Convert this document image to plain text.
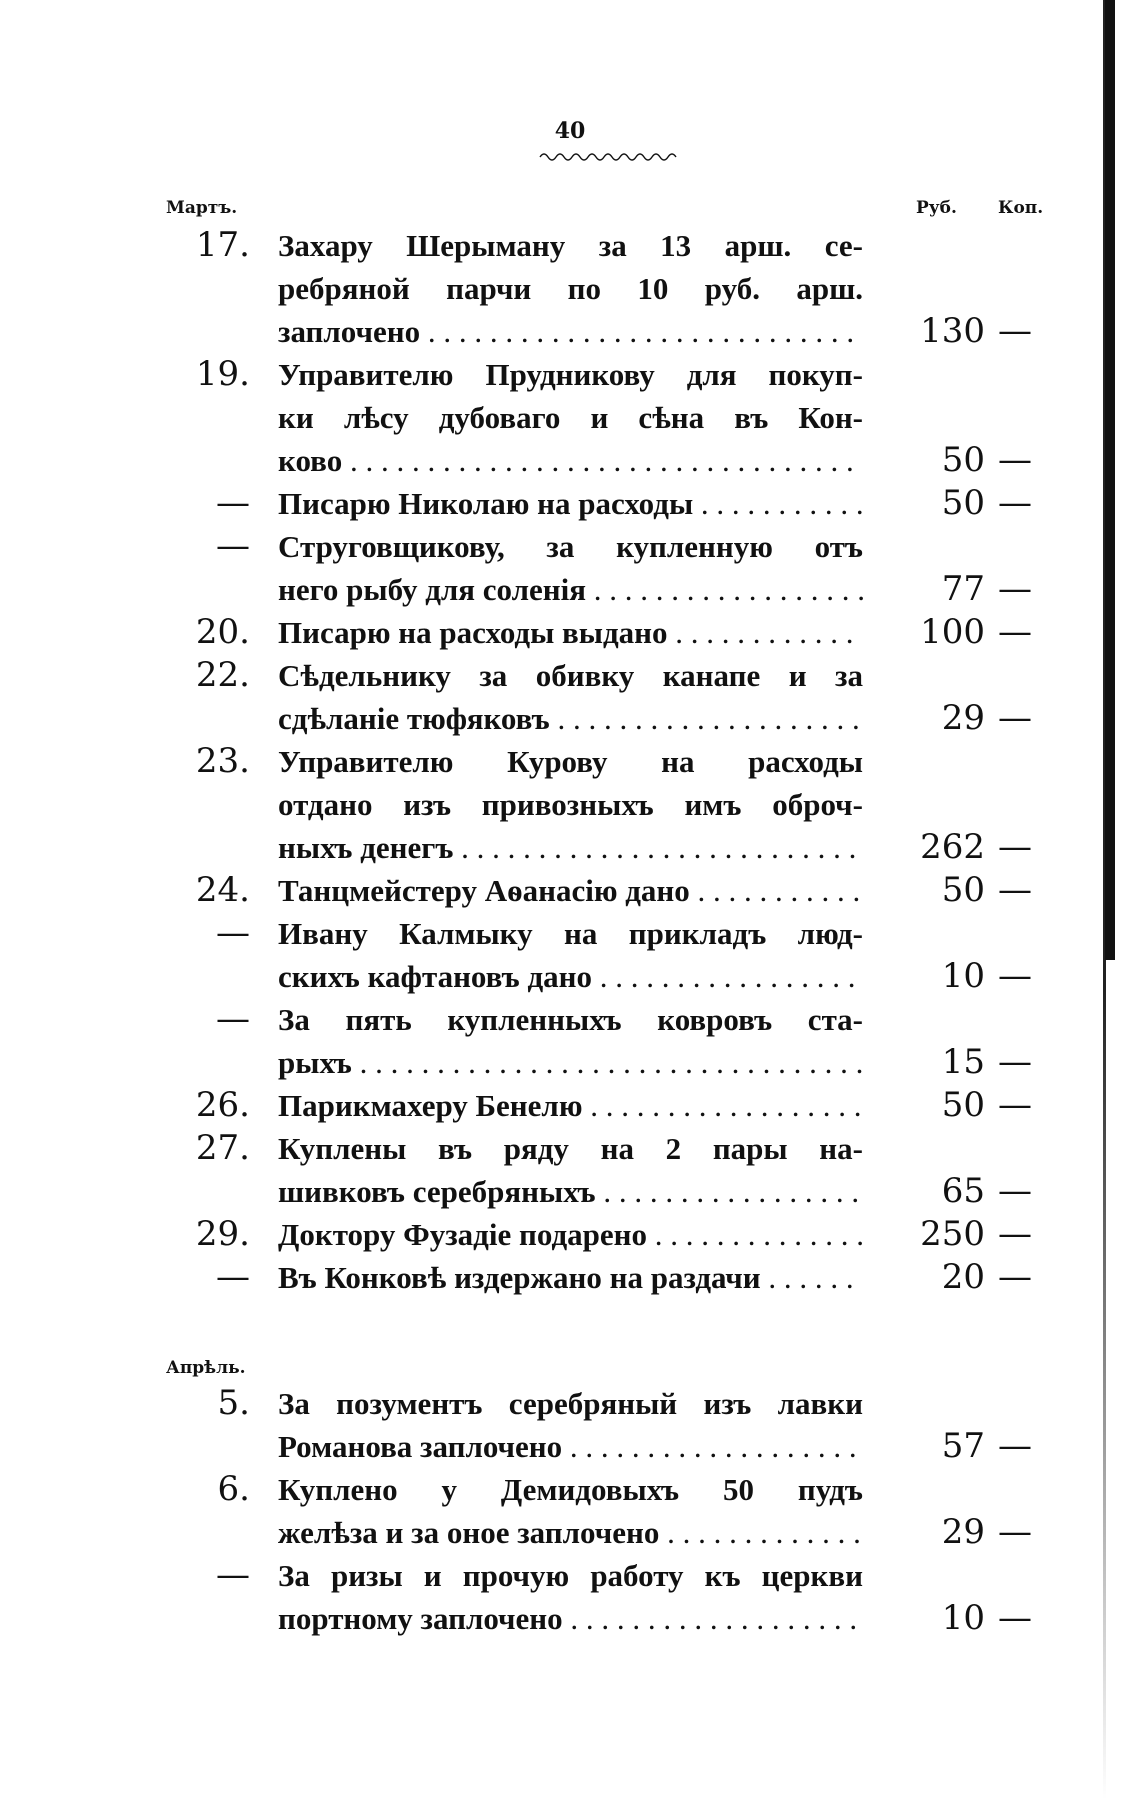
40
Мартъ.	Руб. Коп.
17. Захару Шерыману за 13 арш. се-
ребряной парчи по 10 руб. арш.
заплочено . . .	130 —
19. Управителю Прудникову для покуп-
ки лѣсу дубоваго и сѣна въ Кон-
ково . . .	50 —
— Писарю Николаю на расходы . . .	50 —
— Струговщикову, за купленную отъ
него рыбу для соленія . . .	77 —
20. Писарю на расходы выдано . . .	100 —
22. Сѣдельнику за обивку канапе и за
сдѣланіе тюфяковъ . . .	29 —
23. Управителю Курову на расходы
отдано изъ привозныхъ имъ оброч-
ныхъ денегъ . . .	262 —
24. Танцмейстеру Аѳанасію дано . . .	50 —
— Ивану Калмыку на прикладъ люд-
скихъ кафтановъ дано . . .	10 —
— За пять купленныхъ ковровъ ста-
рыхъ . . .	15 —
26. Парикмахеру Бенелю . . .	50 —
27. Куплены въ ряду на 2 пары на-
шивковъ серебряныхъ . . .	65 —
29. Доктору Фузадіе подарено . . .	250 —
— Въ Конковѣ издержано на раздачи . . .	20 —
Апрѣль.
5. За позументъ серебряный изъ лавки
Романова заплочено . . .	57 —
6. Куплено у Демидовыхъ 50 пудъ
желѣза и за оное заплочено . . .	29 —
— За ризы и прочую работу къ церкви
портному заплочено . . .	10 —
